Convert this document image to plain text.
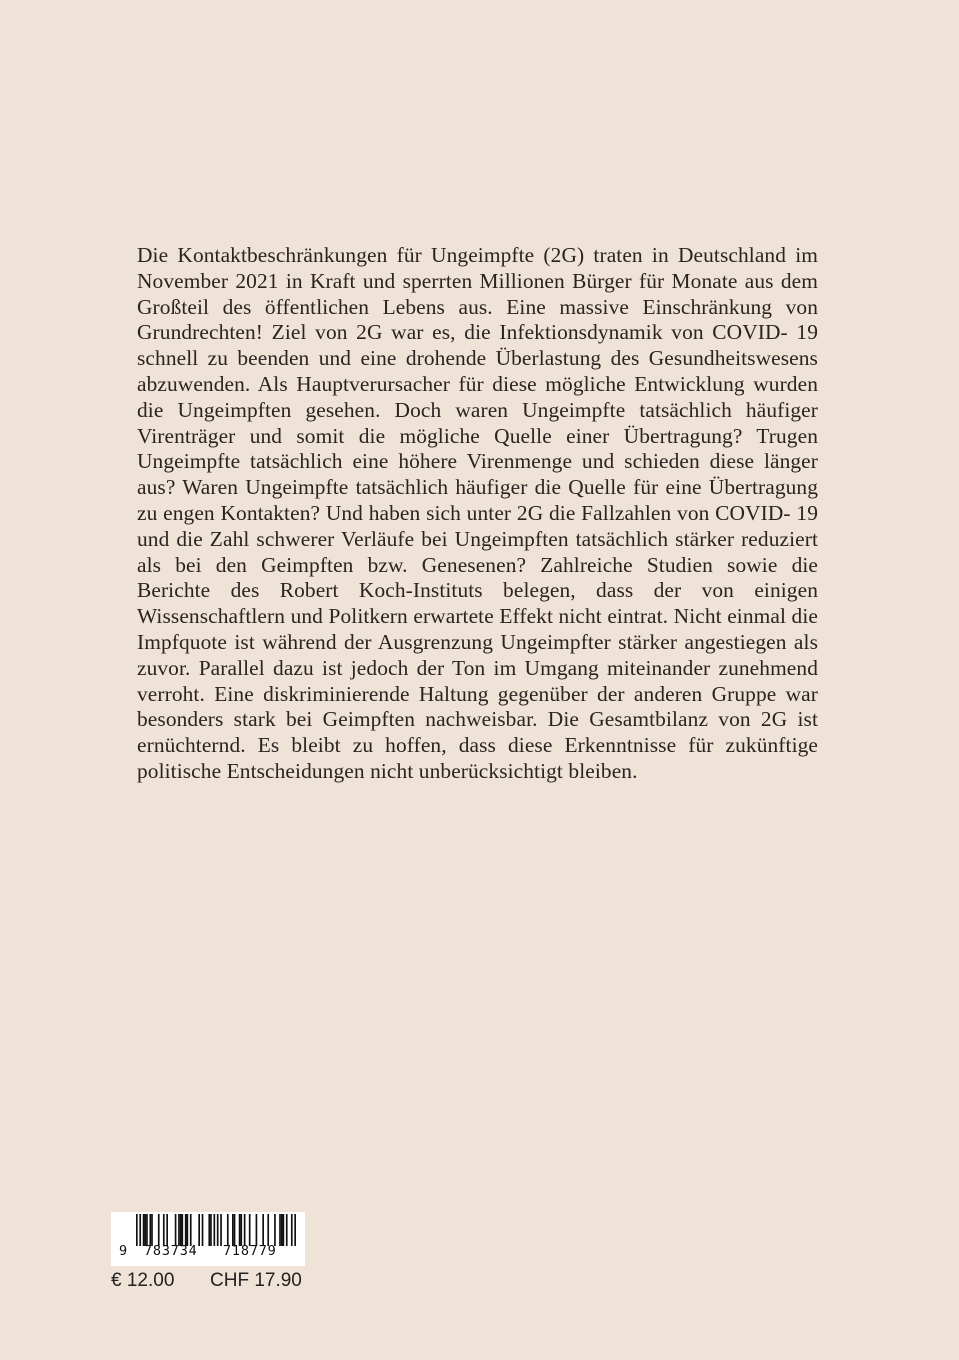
Die Kontaktbeschränkungen für Ungeimpfte (2G) traten in Deutschland im November 2021 in Kraft und sperrten Millionen Bürger für Monate aus dem Großteil des öffentlichen Lebens aus. Eine massive Einschränkung von Grundrechten! Ziel von 2G war es, die Infektionsdynamik von COVID- 19 schnell zu beenden und eine drohende Überlastung des Gesundheitswesens abzuwenden. Als Hauptverursacher für diese mögliche Entwicklung wurden die Ungeimpften gesehen. Doch waren Ungeimpfte tatsächlich häufiger Virenträger und somit die mögliche Quelle einer Übertragung? Trugen Ungeimpfte tatsächlich eine höhere Virenmenge und schieden diese länger aus? Waren Ungeimpfte tatsächlich häufiger die Quelle für eine Übertragung zu engen Kontakten? Und haben sich unter 2G die Fallzahlen von COVID- 19 und die Zahl schwerer Verläufe bei Ungeimpften tatsächlich stärker reduziert als bei den Geimpften bzw. Genesenen? Zahlreiche Studien sowie die Berichte des Robert Koch-Instituts belegen, dass der von einigen Wissenschaftlern und Politkern erwartete Effekt nicht eintrat. Nicht einmal die Impfquote ist während der Ausgrenzung Ungeimpfter stärker angestiegen als zuvor. Parallel dazu ist jedoch der Ton im Umgang miteinander zunehmend verroht. Eine diskriminierende Haltung gegenüber der anderen Gruppe war besonders stark bei Geimpften nachweisbar. Die Gesamtbilanz von 2G ist ernüchternd. Es bleibt zu hoffen, dass diese Erkenntnisse für zukünftige politische Entscheidungen nicht unberücksichtigt bleiben.

9 783734 718779
€ 12.00 CHF 17.90
